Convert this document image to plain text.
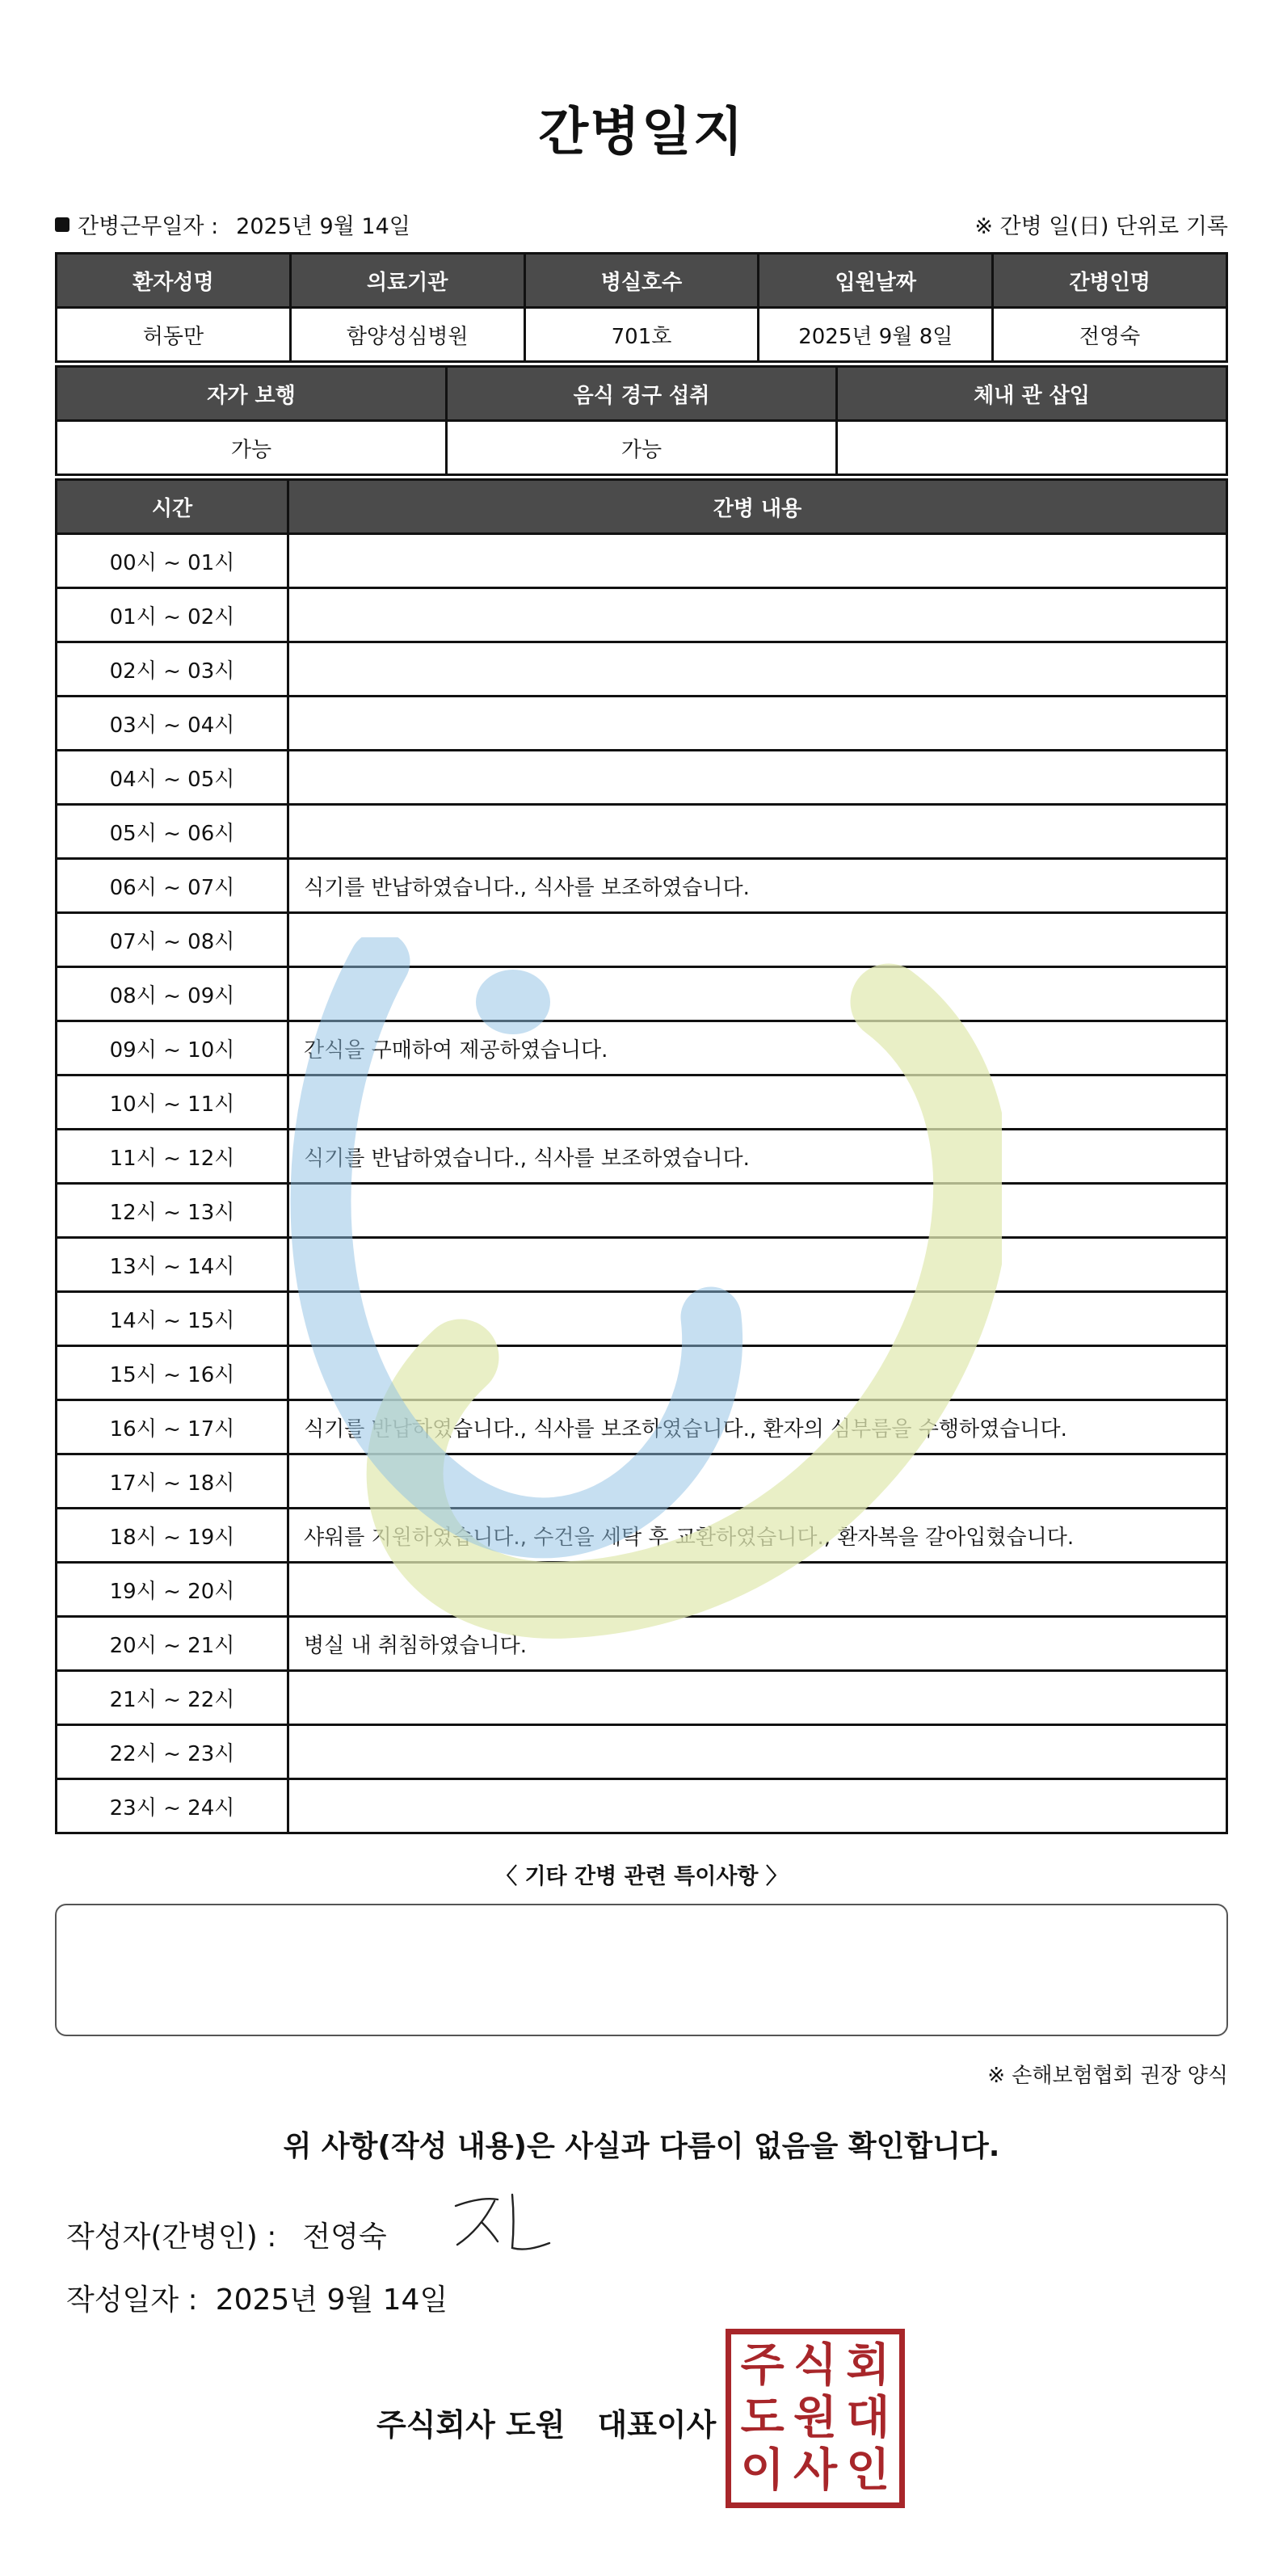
간병일지
간병근무일자 : 2025년 9월 14일	※ 간병 일(日) 단위로 기록
환자성명	의료기관	병실호수	입원날짜	간병인명
허동만	함양성심병원	701호	2025년 9월 8일	전영숙
자가 보행	음식 경구 섭취	체내 관 삽입
가능	가능	
시간	간병 내용
00시 ~ 01시	
01시 ~ 02시	
02시 ~ 03시	
03시 ~ 04시	
04시 ~ 05시	
05시 ~ 06시	
06시 ~ 07시	식기를 반납하였습니다., 식사를 보조하였습니다.
07시 ~ 08시	
08시 ~ 09시	
09시 ~ 10시	간식을 구매하여 제공하였습니다.
10시 ~ 11시	
11시 ~ 12시	식기를 반납하였습니다., 식사를 보조하였습니다.
12시 ~ 13시	
13시 ~ 14시	
14시 ~ 15시	
15시 ~ 16시	
16시 ~ 17시	식기를 반납하였습니다., 식사를 보조하였습니다., 환자의 심부름을 수행하였습니다.
17시 ~ 18시	
18시 ~ 19시	샤워를 지원하였습니다., 수건을 세탁 후 교환하였습니다., 환자복을 갈아입혔습니다.
19시 ~ 20시	
20시 ~ 21시	병실 내 취침하였습니다.
21시 ~ 22시	
22시 ~ 23시	
23시 ~ 24시	
〈 기타 간병 관련 특이사항 〉
※ 손해보험협회 권장 양식
위 사항(작성 내용)은 사실과 다름이 없음을 확인합니다.
작성자(간병인) : 전영숙
작성일자 : 2025년 9월 14일
주식회사 도원 대표이사
주 식 회
도 원 대
이 사 인
